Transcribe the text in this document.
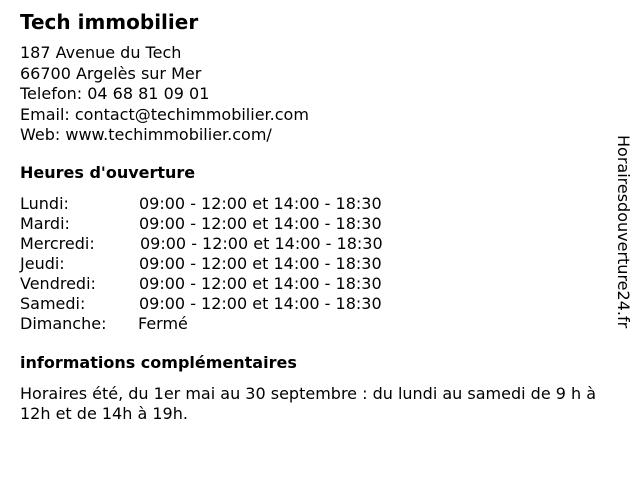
Tech immobilier
187 Avenue du Tech
66700 Argelès sur Mer
Telefon: 04 68 81 09 01
Email: contact@techimmobilier.com
Web: www.techimmobilier.com/
Heures d'ouverture
Lundi:	09:00 - 12:00 et 14:00 - 18:30
Mardi:	09:00 - 12:00 et 14:00 - 18:30
Mercredi:	09:00 - 12:00 et 14:00 - 18:30
Jeudi:	09:00 - 12:00 et 14:00 - 18:30
Vendredi:	09:00 - 12:00 et 14:00 - 18:30
Samedi:	09:00 - 12:00 et 14:00 - 18:30
Dimanche: Fermé
informations complémentaires
Horaires été, du 1er mai au 30 septembre : du lundi au samedi de 9 h à 12h et de 14h à 19h.
Horairesdouverture24.fr
